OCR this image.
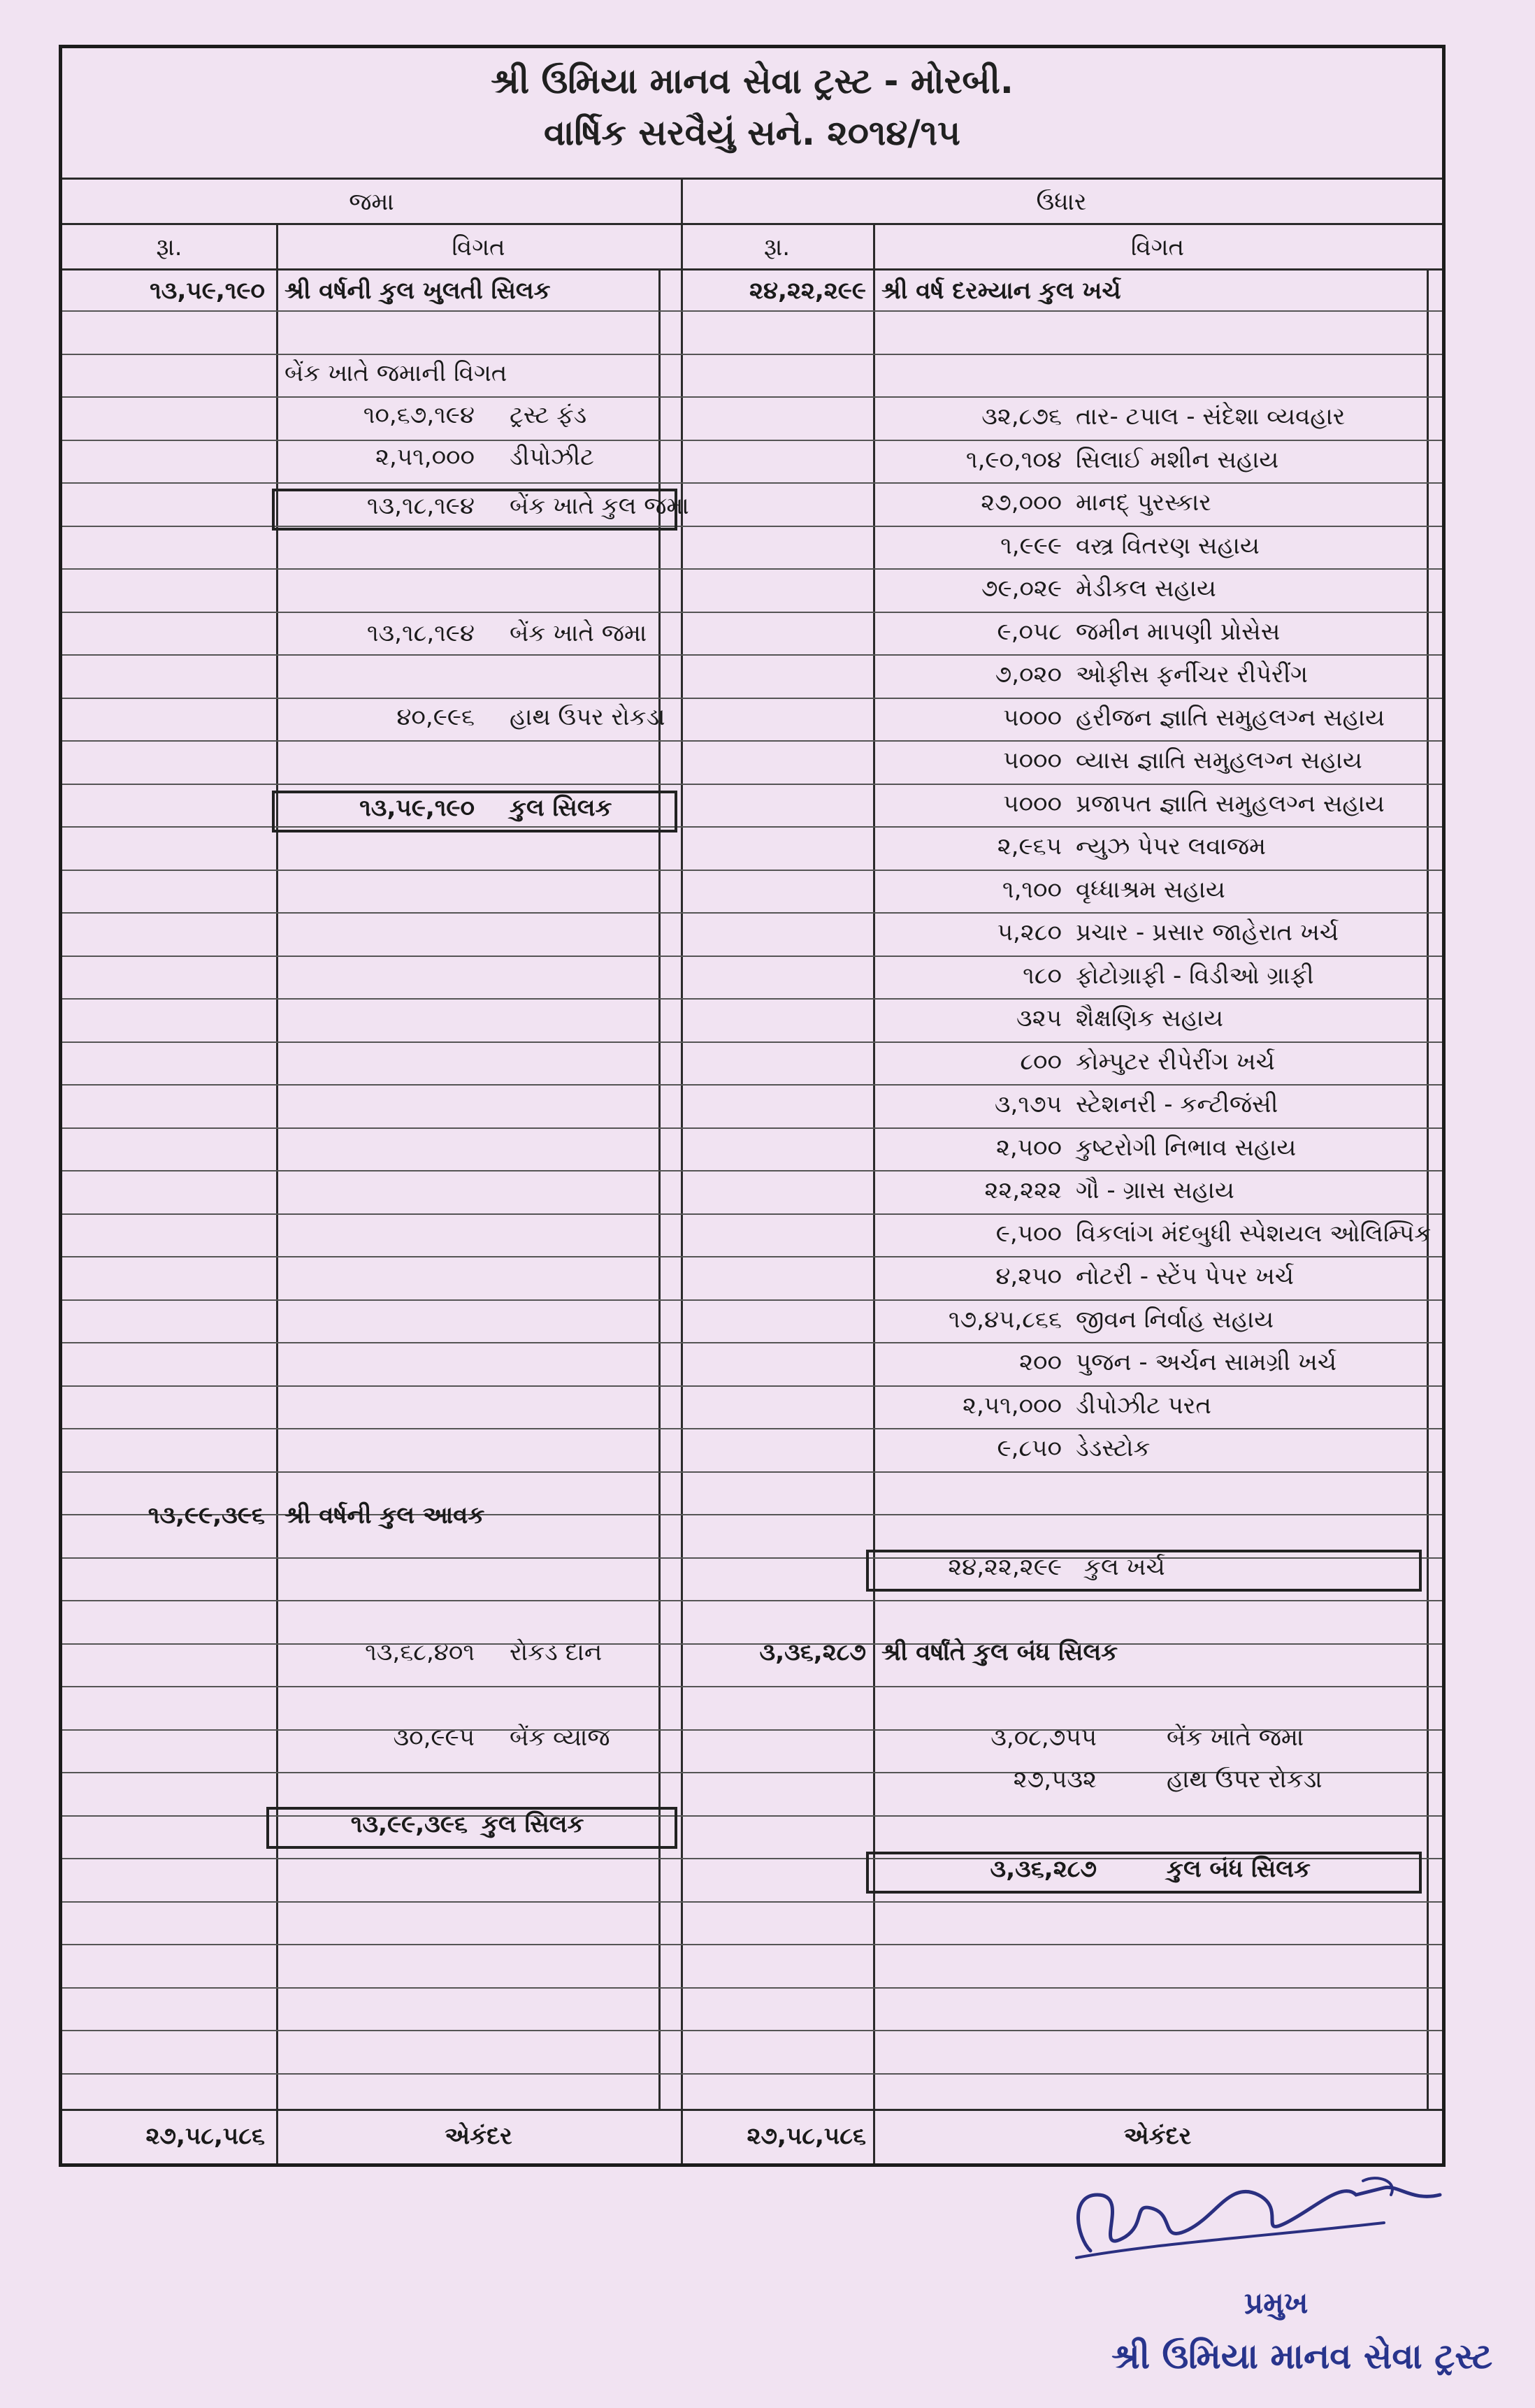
શ્રી ઉમિયા માનવ સેવા ટ્રસ્ટ - મોરબી.
વાર્ષિક સરવૈયું સને. ૨૦૧૪/૧૫
જમા	ઉધાર
રૂા.	વિગત	રૂા.	વિગત
૧૩,૫૯,૧૯૦ શ્રી વર્ષની કુલ ખુલતી સિલક
બેંક ખાતે જમાની વિગત
૧૦,૬૭,૧૯૪ ટ્રસ્ટ ફંડ
૨,૫૧,૦૦૦ ડીપોઝીટ
૧૩,૧૮,૧૯૪ બેંક ખાતે કુલ જમા
૧૩,૧૮,૧૯૪ બેંક ખાતે જમા
૪૦,૯૯૬ હાથ ઉપર રોકડા
૧૩,૫૯,૧૯૦ કુલ સિલક
૧૩,૯૯,૩૯૬ શ્રી વર્ષની કુલ આવક
૧૩,૬૮,૪૦૧ રોકડ દાન
૩૦,૯૯૫ બેંક વ્યાજ
૧૩,૯૯,૩૯૬ કુલ સિલક
૨૭,૫૮,૫૮૬	એકંદર
૨૪,૨૨,૨૯૯ શ્રી વર્ષ દરમ્યાન કુલ ખર્ચ
૩૨,૮૭૬ તાર- ટપાલ - સંદેશા વ્યવહાર
૧,૯૦,૧૦૪ સિલાઈ મશીન સહાય
૨૭,૦૦૦ માનદ્ પુરસ્કાર
૧,૯૯૯ વસ્ત્ર વિતરણ સહાય
૭૯,૦૨૯ મેડીકલ સહાય
૯,૦૫૮ જમીન માપણી પ્રોસેસ
૭,૦૨૦ ઓફીસ ફર્નીચર રીપેરીંગ
૫૦૦૦ હરીજન જ્ઞાતિ સમુહલગ્ન સહાય
૫૦૦૦ વ્યાસ જ્ઞાતિ સમુહલગ્ન સહાય
૫૦૦૦ પ્રજાપત જ્ઞાતિ સમુહલગ્ન સહાય
૨,૯૬૫ ન્યુઝ પેપર લવાજમ
૧,૧૦૦ વૃધ્ધાશ્રમ સહાય
૫,૨૮૦ પ્રચાર - પ્રસાર જાહેરાત ખર્ચ
૧૮૦ ફોટોગ્રાફી - વિડીઓ ગ્રાફી
૩૨૫ શૈક્ષણિક સહાય
૮૦૦ કોમ્પુટર રીપેરીંગ ખર્ચ
૩,૧૭૫ સ્ટેશનરી - કન્ટીજંસી
૨,૫૦૦ કુષ્ટરોગી નિભાવ સહાય
૨૨,૨૨૨ ગૌ - ગ્રાસ સહાય
૯,૫૦૦ વિકલાંગ મંદબુધી સ્પેશયલ ઓલિમ્પિક
૪,૨૫૦ નોટરી - સ્ટેંપ પેપર ખર્ચ
૧૭,૪૫,૮૬૬ જીવન નિર્વાહ સહાય
૨૦૦ પુજન - અર્ચન સામગ્રી ખર્ચ
૨,૫૧,૦૦૦ ડીપોઝીટ પરત
૯,૮૫૦ ડેડસ્ટોક
૨૪,૨૨,૨૯૯ કુલ ખર્ચ
૩,૩૬,૨૮૭ શ્રી વર્ષાંતે કુલ બંધ સિલક
૩,૦૮,૭૫૫	બેંક ખાતે જમા
૨૭,૫૩૨	હાથ ઉપર રોકડા
૩,૩૬,૨૮૭	કુલ બંધ સિલક
૨૭,૫૮,૫૮૬	એકંદર
પ્રમુખ
શ્રી ઉમિયા માનવ સેવા ટ્રસ્ટ
